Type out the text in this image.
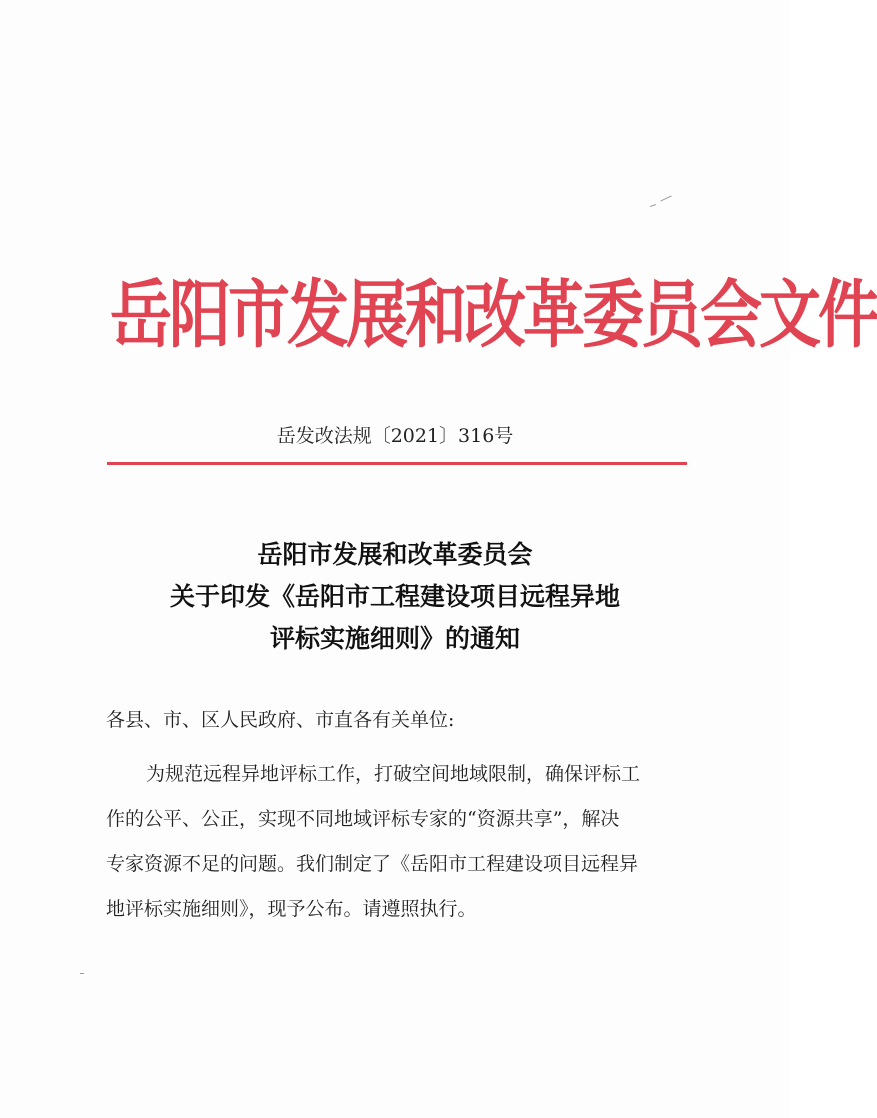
岳阳市发展和改革委员会文件
岳发改法规〔2021〕316号
岳阳市发展和改革委员会
关于印发《岳阳市工程建设项目远程异地
评标实施细则》的通知
各县、市、区人民政府、市直各有关单位:
为规范远程异地评标工作，打破空间地域限制，确保评标工
作的公平、公正，实现不同地域评标专家的“资源共享”，解决
专家资源不足的问题。我们制定了《岳阳市工程建设项目远程异
地评标实施细则》，现予公布。请遵照执行。
